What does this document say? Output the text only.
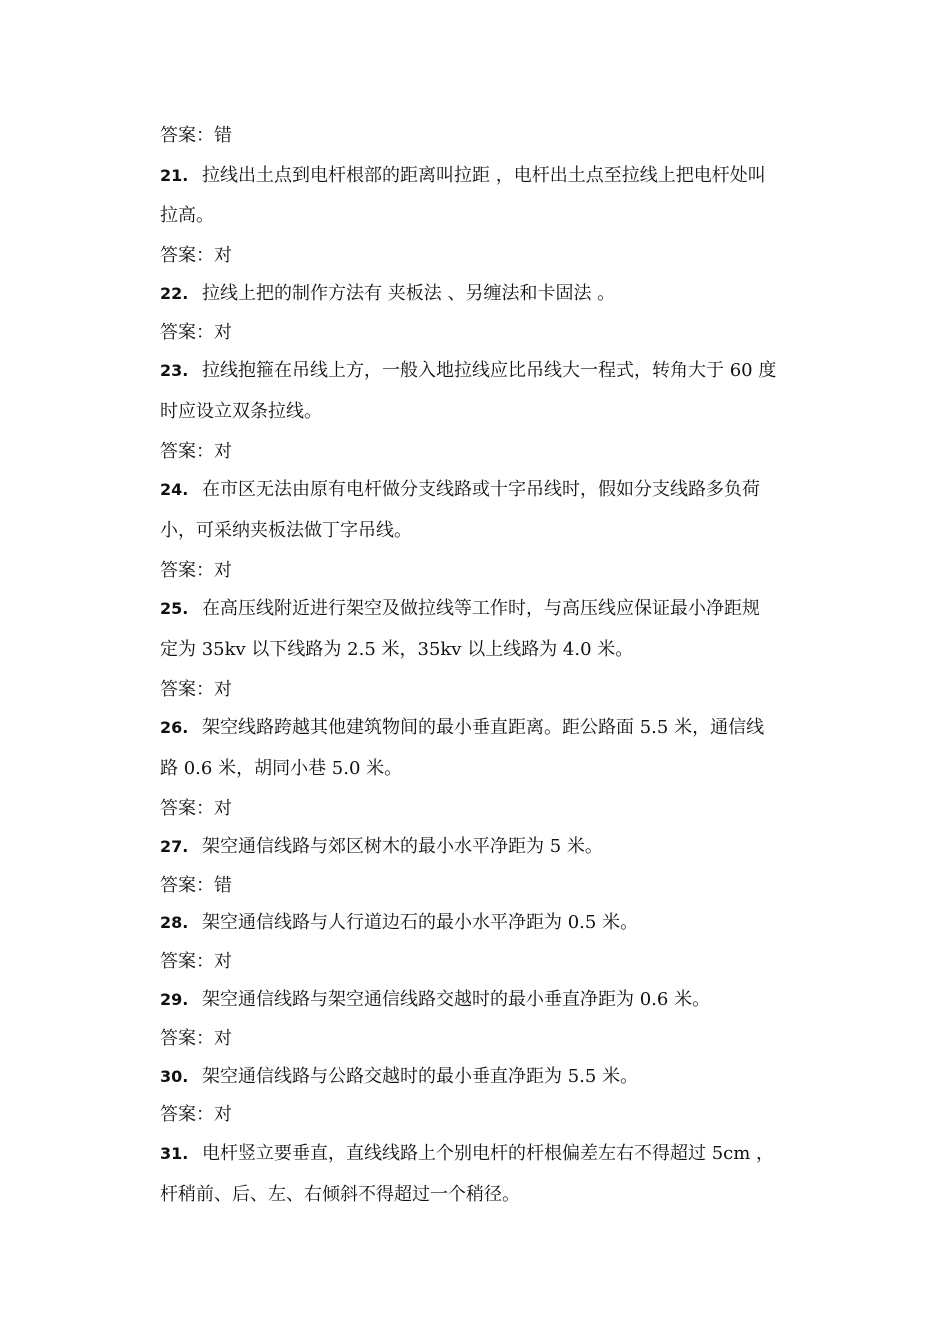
答案：错
21. 拉线出土点到电杆根部的距离叫拉距 ，电杆出土点至拉线上把电杆处叫
拉高。
答案：对
22. 拉线上把的制作方法有 夹板法 、另缠法和卡固法 。
答案：对
23. 拉线抱箍在吊线上方，一般入地拉线应比吊线大一程式，转角大于 60 度
时应设立双条拉线。
答案：对
24. 在市区无法由原有电杆做分支线路或十字吊线时，假如分支线路多负荷
小，可采纳夹板法做丁字吊线。
答案：对
25. 在高压线附近进行架空及做拉线等工作时，与高压线应保证最小净距规
定为 35kv 以下线路为 2.5 米，35kv 以上线路为 4.0 米。
答案：对
26. 架空线路跨越其他建筑物间的最小垂直距离。距公路面 5.5 米，通信线
路 0.6 米，胡同小巷 5.0 米。
答案：对
27. 架空通信线路与郊区树木的最小水平净距为 5 米。
答案：错
28. 架空通信线路与人行道边石的最小水平净距为 0.5 米。
答案：对
29. 架空通信线路与架空通信线路交越时的最小垂直净距为 0.6 米。
答案：对
30. 架空通信线路与公路交越时的最小垂直净距为 5.5 米。
答案：对
31. 电杆竖立要垂直，直线线路上个别电杆的杆根偏差左右不得超过 5cm ，
杆稍前、后、左、右倾斜不得超过一个稍径。
